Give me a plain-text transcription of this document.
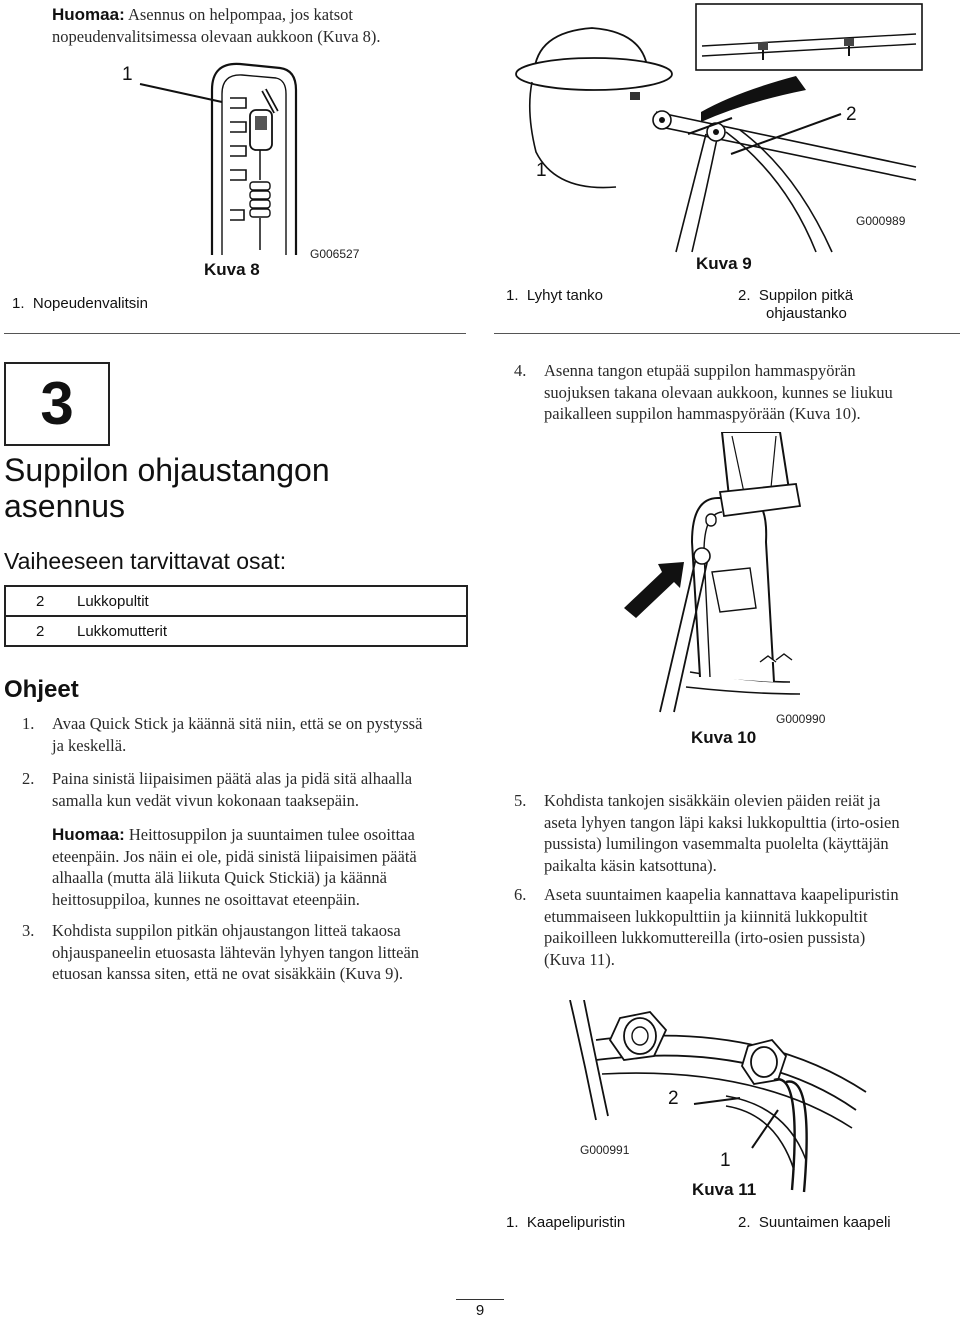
Huomaa: Asennus on helpompaa, jos katsot
nopeudenvalitsimessa olevaan aukkoon (Kuva 8).
1
Kuva 8
G006527
1. Nopeudenvalitsin
2
1
G000989
Kuva 9
1. Lyhyt tanko	2. Suppilon pitkä
ohjaustanko
3
Suppilon ohjaustangon
asennus
Vaiheeseen tarvittavat osat:
2	Lukkopultit
2	Lukkomutterit
Ohjeet
1. Avaa Quick Stick ja käännä sitä niin, että se on pystyssä
ja keskellä.
2. Paina sinistä liipaisimen päätä alas ja pidä sitä alhaalla
samalla kun vedät vivun kokonaan taaksepäin.
Huomaa: Heittosuppilon ja suuntaimen tulee osoittaa
eteenpäin. Jos näin ei ole, pidä sinistä liipaisimen päätä
alhaalla (mutta älä liikuta Quick Stickiä) ja käännä
heittosuppiloa, kunnes ne osoittavat eteenpäin.
3. Kohdista suppilon pitkän ohjaustangon litteä takaosa
ohjauspaneelin etuosasta lähtevän lyhyen tangon litteän
etuosan kanssa siten, että ne ovat sisäkkäin (Kuva 9).
4. Asenna tangon etupää suppilon hammaspyörän
suojuksen takana olevaan aukkoon, kunnes se liukuu
paikalleen suppilon hammaspyörään (Kuva 10).
G000990
Kuva 10
5. Kohdista tankojen sisäkkäin olevien päiden reiät ja
aseta lyhyen tangon läpi kaksi lukkopulttia (irto-osien
pussista) lumilingon vasemmalta puolelta (käyttäjän
paikalta käsin katsottuna).
6. Aseta suuntaimen kaapelia kannattava kaapelipuristin
etummaiseen lukkopulttiin ja kiinnitä lukkopultit
paikoilleen lukkomuttereilla (irto-osien pussista)
(Kuva 11).
2
1
G000991
Kuva 11
1. Kaapelipuristin	2. Suuntaimen kaapeli
9
